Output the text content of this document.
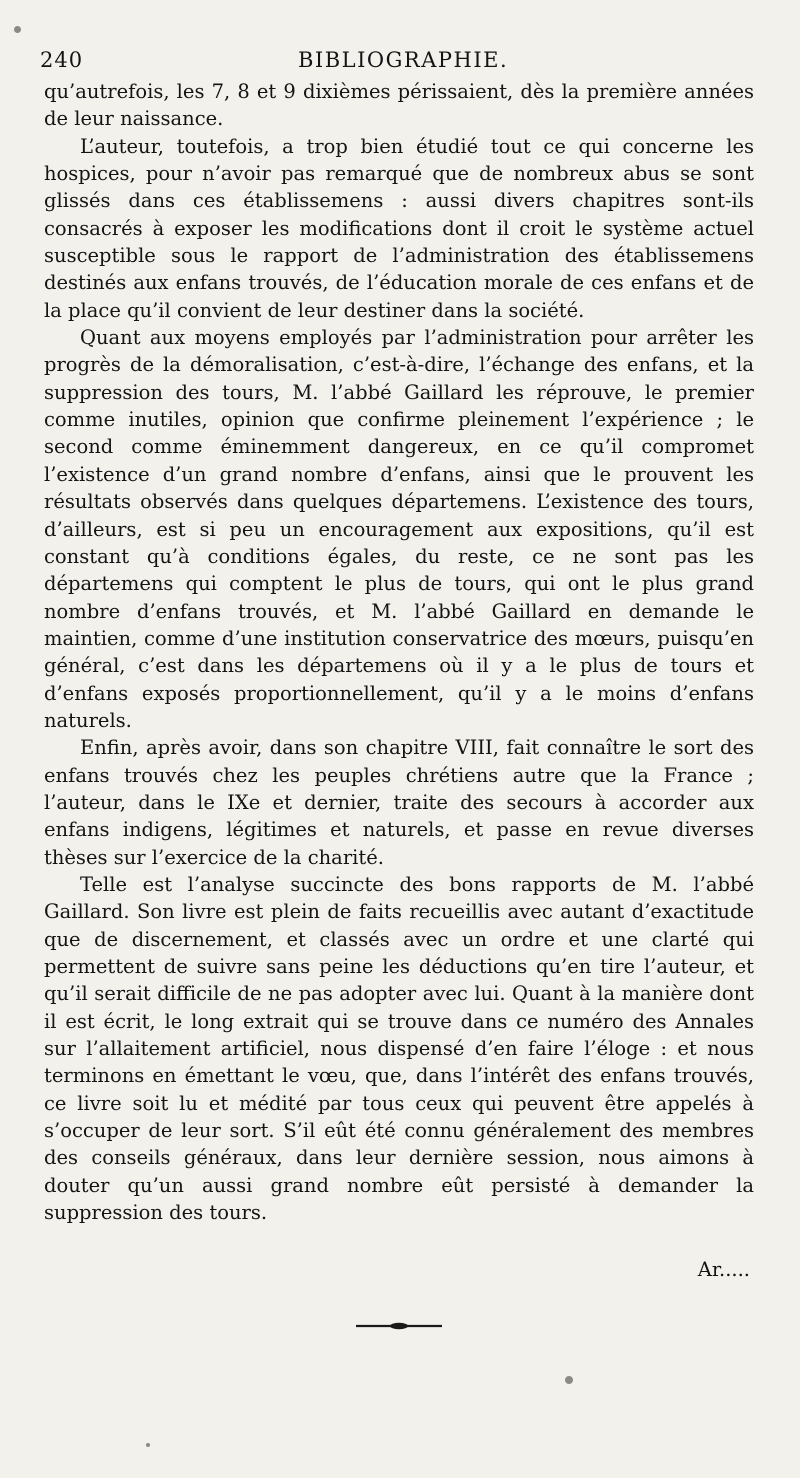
240	BIBLIOGRAPHIE.

qu’autrefois, les 7, 8 et 9 dixièmes périssaient, dès la première années de leur naissance.

L’auteur, toutefois, a trop bien étudié tout ce qui concerne les hospices, pour n’avoir pas remarqué que de nombreux abus se sont glissés dans ces établissemens : aussi divers chapitres sont-ils consacrés à exposer les modifications dont il croit le système actuel susceptible sous le rapport de l’administration des établissemens destinés aux enfans trouvés, de l’éducation morale de ces enfans et de la place qu’il convient de leur destiner dans la société.

Quant aux moyens employés par l’administration pour arrêter les progrès de la démoralisation, c’est-à-dire, l’échange des enfans, et la suppression des tours, M. l’abbé Gaillard les réprouve, le premier comme inutiles, opinion que confirme pleinement l’expérience ; le second comme éminemment dangereux, en ce qu’il compromet l’existence d’un grand nombre d’enfans, ainsi que le prouvent les résultats observés dans quelques départemens. L’existence des tours, d’ailleurs, est si peu un encouragement aux expositions, qu’il est constant qu’à conditions égales, du reste, ce ne sont pas les départemens qui comptent le plus de tours, qui ont le plus grand nombre d’enfans trouvés, et M. l’abbé Gaillard en demande le maintien, comme d’une institution conservatrice des mœurs, puisqu’en général, c’est dans les départemens où il y a le plus de tours et d’enfans exposés proportionnellement, qu’il y a le moins d’enfans naturels.

Enfin, après avoir, dans son chapitre VIII, fait connaître le sort des enfans trouvés chez les peuples chrétiens autre que la France ; l’auteur, dans le IXe et dernier, traite des secours à accorder aux enfans indigens, légitimes et naturels, et passe en revue diverses thèses sur l’exercice de la charité.

Telle est l’analyse succincte des bons rapports de M. l’abbé Gaillard. Son livre est plein de faits recueillis avec autant d’exactitude que de discernement, et classés avec un ordre et une clarté qui permettent de suivre sans peine les déductions qu’en tire l’auteur, et qu’il serait difficile de ne pas adopter avec lui. Quant à la manière dont il est écrit, le long extrait qui se trouve dans ce numéro des Annales sur l’allaitement artificiel, nous dispensé d’en faire l’éloge : et nous terminons en émettant le vœu, que, dans l’intérêt des enfans trouvés, ce livre soit lu et médité par tous ceux qui peuvent être appelés à s’occuper de leur sort. S’il eût été connu généralement des membres des conseils généraux, dans leur dernière session, nous aimons à douter qu’un aussi grand nombre eût persisté à demander la suppression des tours.

Ar.....
